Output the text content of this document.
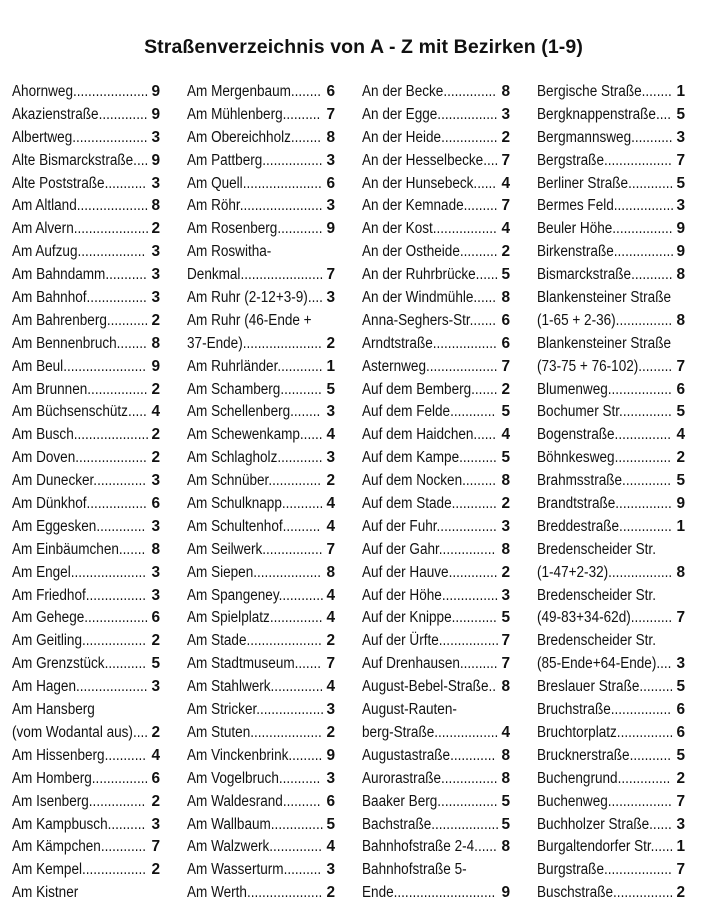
Straßenverzeichnis von A - Z mit Bezirken (1-9)
Ahornweg.................... 9
Akazienstraße............. 9
Albertweg.................... 3
Alte Bismarckstraße.... 9
Alte Poststraße........... 3
Am Altland................... 8
Am Alvern.................... 2
Am Aufzug.................. 3
Am Bahndamm........... 3
Am Bahnhof................ 3
Am Bahrenberg........... 2
Am Bennenbruch........ 8
Am Beul...................... 9
Am Brunnen................ 2
Am Büchsenschütz..... 4
Am Busch.................... 2
Am Doven................... 2
Am Dunecker.............. 3
Am Dünkhof................ 6
Am Eggesken............. 3
Am Einbäumchen....... 8
Am Engel.................... 3
Am Friedhof................ 3
Am Gehege................. 6
Am Geitling................. 2
Am Grenzstück........... 5
Am Hagen................... 3
Am Hansberg
(vom Wodantal aus).... 2
Am Hissenberg........... 4
Am Homberg............... 6
Am Isenberg............... 2
Am Kampbusch.......... 3
Am Kämpchen............ 7
Am Kempel................. 2
Am Kistner
Am Mergenbaum........ 6
Am Mühlenberg.......... 7
Am Obereichholz........ 8
Am Pattberg................ 3
Am Quell..................... 6
Am Röhr...................... 3
Am Rosenberg............ 9
Am Roswitha-
Denkmal...................... 7
Am Ruhr (2-12+3-9).... 3
Am Ruhr (46-Ende +
37-Ende)..................... 2
Am Ruhrländer............ 1
Am Schamberg........... 5
Am Schellenberg........ 3
Am Schewenkamp...... 4
Am Schlagholz............ 3
Am Schnüber.............. 2
Am Schulknapp........... 4
Am Schultenhof.......... 4
Am Seilwerk................ 7
Am Siepen.................. 8
Am Spangeney............ 4
Am Spielplatz.............. 4
Am Stade.................... 2
Am Stadtmuseum....... 7
Am Stahlwerk.............. 4
Am Stricker.................. 3
Am Stuten................... 2
Am Vinckenbrink......... 9
Am Vogelbruch........... 3
Am Waldesrand.......... 6
Am Wallbaum.............. 5
Am Walzwerk.............. 4
Am Wasserturm.......... 3
Am Werth.................... 2
An der Becke.............. 8
An der Egge................ 3
An der Heide............... 2
An der Hesselbecke.... 7
An der Hunsebeck...... 4
An der Kemnade......... 7
An der Kost................. 4
An der Ostheide.......... 2
An der Ruhrbrücke...... 5
An der Windmühle...... 8
Anna-Seghers-Str....... 6
Arndtstraße................. 6
Asternweg................... 7
Auf dem Bemberg....... 2
Auf dem Felde............ 5
Auf dem Haidchen...... 4
Auf dem Kampe.......... 5
Auf dem Nocken......... 8
Auf dem Stade............ 2
Auf der Fuhr................ 3
Auf der Gahr............... 8
Auf der Hauve............. 2
Auf der Höhe............... 3
Auf der Knippe............ 5
Auf der Ürfte................ 7
Auf Drenhausen.......... 7
August-Bebel-Straße.. 8
August-Rauten-
berg-Straße................. 4
Augustastraße............ 8
Aurorastraße............... 8
Baaker Berg................ 5
Bachstraße.................. 5
Bahnhofstraße 2-4...... 8
Bahnhofstraße 5-
Ende........................... 9
Bergische Straße........ 1
Bergknappenstraße.... 5
Bergmannsweg........... 3
Bergstraße.................. 7
Berliner Straße............ 5
Bermes Feld................ 3
Beuler Höhe................ 9
Birkenstraße................ 9
Bismarckstraße........... 8
Blankensteiner Straße
(1-65 + 2-36)............... 8
Blankensteiner Straße
(73-75 + 76-102)......... 7
Blumenweg................. 6
Bochumer Str.............. 5
Bogenstraße............... 4
Böhnkesweg............... 2
Brahmsstraße............. 5
Brandtstraße............... 9
Breddestraße.............. 1
Bredenscheider Str.
(1-47+2-32)................. 8
Bredenscheider Str.
(49-83+34-62d)........... 7
Bredenscheider Str.
(85-Ende+64-Ende).... 3
Breslauer Straße......... 5
Bruchstraße................ 6
Bruchtorplatz............... 6
Brucknerstraße........... 5
Buchengrund.............. 2
Buchenweg................. 7
Buchholzer Straße...... 3
Burgaltendorfer Str...... 1
Burgstraße.................. 7
Buschstraße................ 2
